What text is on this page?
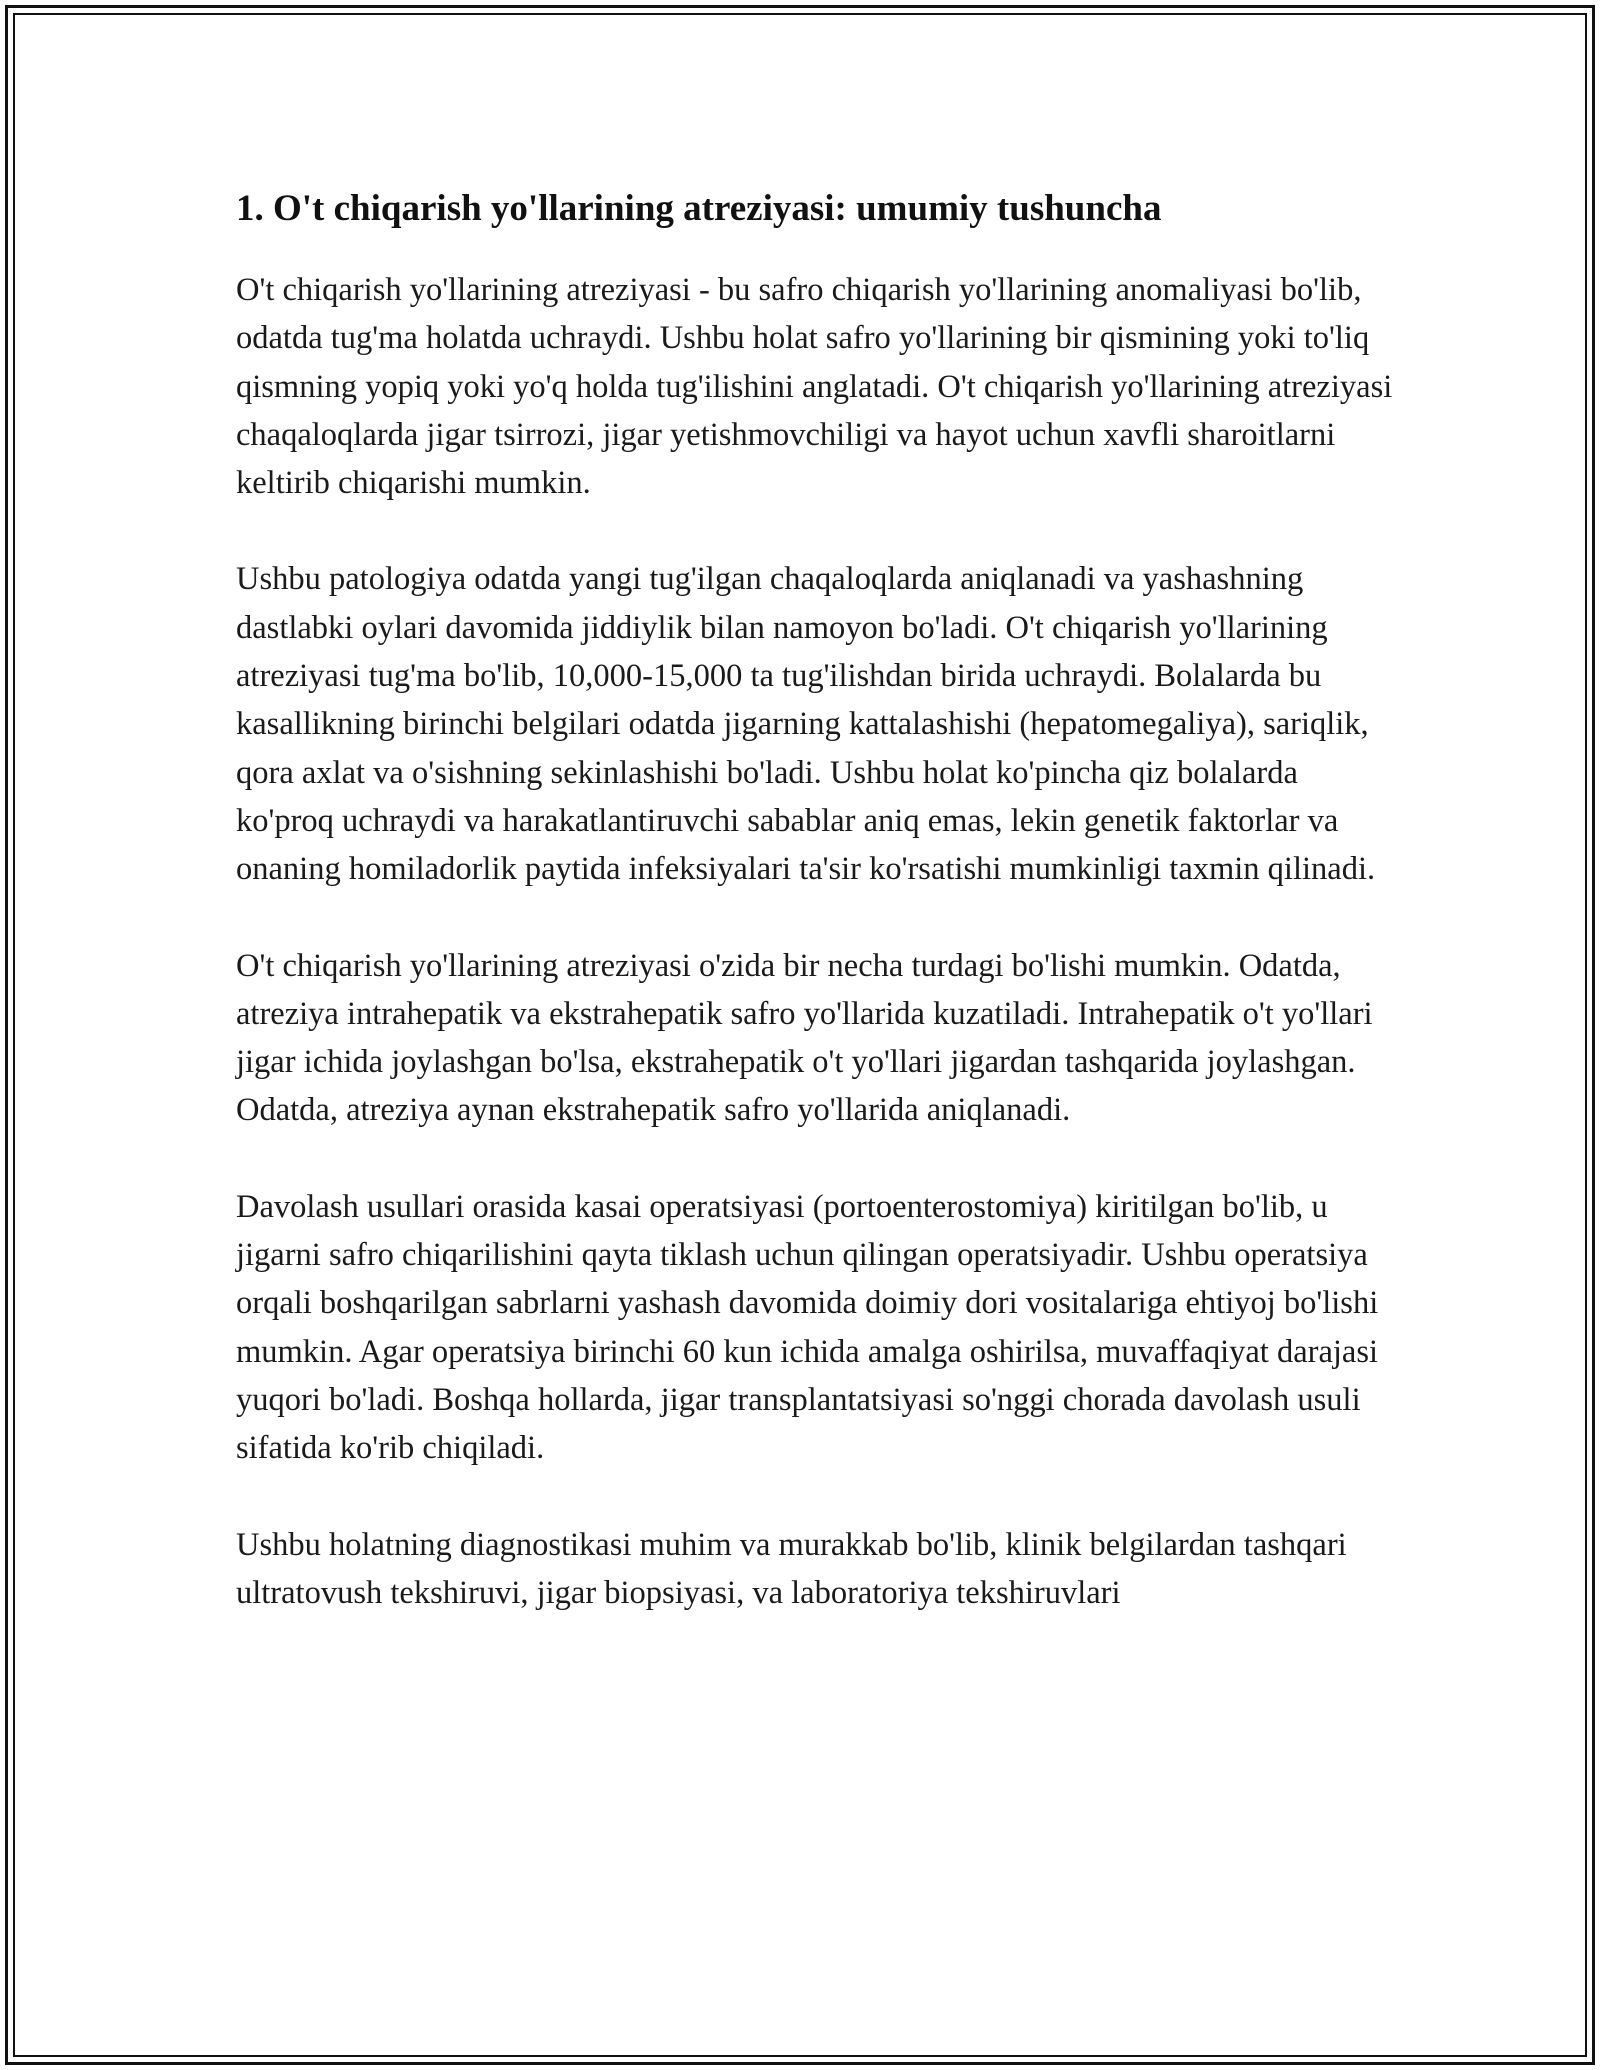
1. O't chiqarish yo'llarining atreziyasi: umumiy tushuncha

O't chiqarish yo'llarining atreziyasi - bu safro chiqarish yo'llarining anomaliyasi bo'lib, odatda tug'ma holatda uchraydi. Ushbu holat safro yo'llarining bir qismining yoki to'liq qismning yopiq yoki yo'q holda tug'ilishini anglatadi. O't chiqarish yo'llarining atreziyasi chaqaloqlarda jigar tsirrozi, jigar yetishmovchiligi va hayot uchun xavfli sharoitlarni keltirib chiqarishi mumkin.

Ushbu patologiya odatda yangi tug'ilgan chaqaloqlarda aniqlanadi va yashashning dastlabki oylari davomida jiddiylik bilan namoyon bo'ladi. O't chiqarish yo'llarining atreziyasi tug'ma bo'lib, 10,000-15,000 ta tug'ilishdan birida uchraydi. Bolalarda bu kasallikning birinchi belgilari odatda jigarning kattalashishi (hepatomegaliya), sariqlik, qora axlat va o'sishning sekinlashishi bo'ladi. Ushbu holat ko'pincha qiz bolalarda ko'proq uchraydi va harakatlantiruvchi sabablar aniq emas, lekin genetik faktorlar va onaning homiladorlik paytida infeksiyalari ta'sir ko'rsatishi mumkinligi taxmin qilinadi.

O't chiqarish yo'llarining atreziyasi o'zida bir necha turdagi bo'lishi mumkin. Odatda, atreziya intrahepatik va ekstrahepatik safro yo'llarida kuzatiladi. Intrahepatik o't yo'llari jigar ichida joylashgan bo'lsa, ekstrahepatik o't yo'llari jigardan tashqarida joylashgan. Odatda, atreziya aynan ekstrahepatik safro yo'llarida aniqlanadi.

Davolash usullari orasida kasai operatsiyasi (portoenterostomiya) kiritilgan bo'lib, u jigarni safro chiqarilishini qayta tiklash uchun qilingan operatsiyadir. Ushbu operatsiya orqali boshqarilgan sabrlarni yashash davomida doimiy dori vositalariga ehtiyoj bo'lishi mumkin. Agar operatsiya birinchi 60 kun ichida amalga oshirilsa, muvaffaqiyat darajasi yuqori bo'ladi. Boshqa hollarda, jigar transplantatsiyasi so'nggi chorada davolash usuli sifatida ko'rib chiqiladi.

Ushbu holatning diagnostikasi muhim va murakkab bo'lib, klinik belgilardan tashqari ultratovush tekshiruvi, jigar biopsiyasi, va laboratoriya tekshiruvlari
